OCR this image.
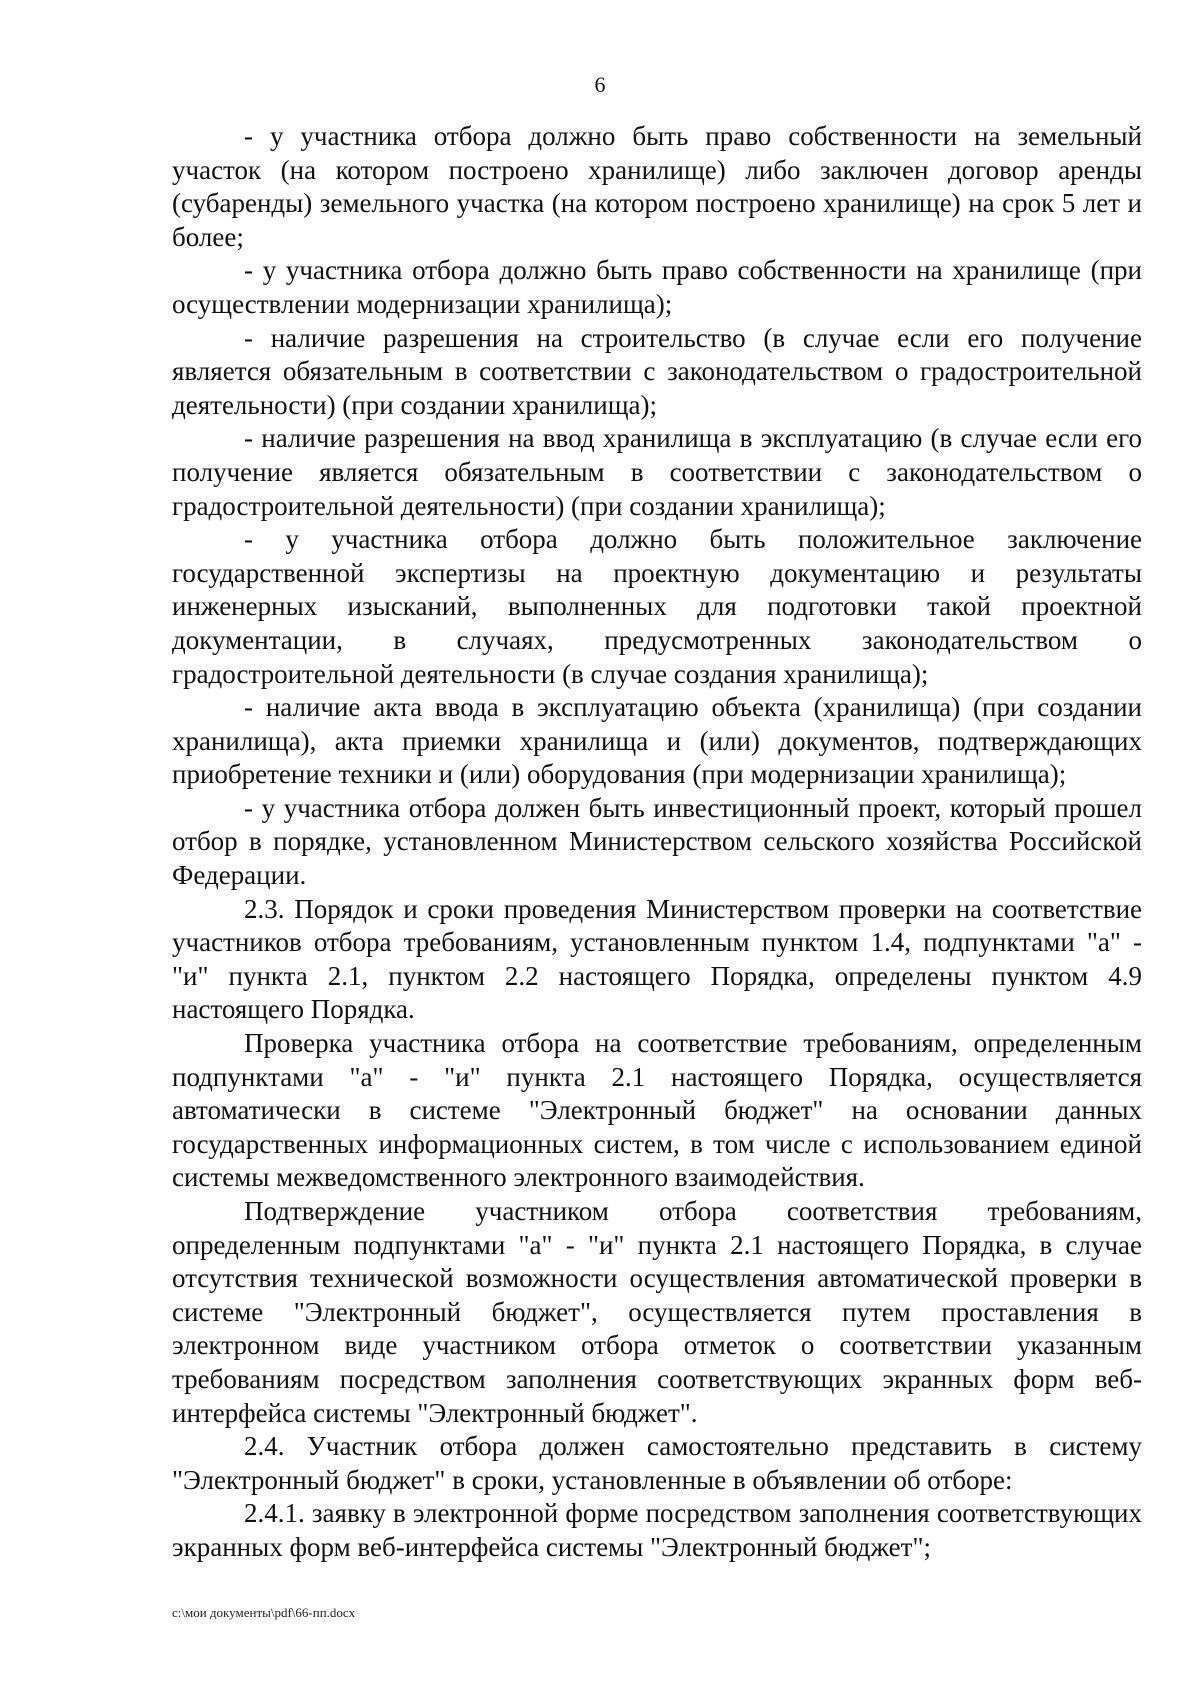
6

- у участника отбора должно быть право собственности на земельный участок (на котором построено хранилище) либо заключен договор аренды (субаренды) земельного участка (на котором построено хранилище) на срок 5 лет и более;

- у участника отбора должно быть право собственности на хранилище (при осуществлении модернизации хранилища);

- наличие разрешения на строительство (в случае если его получение является обязательным в соответствии с законодательством о градостроительной деятельности) (при создании хранилища);

- наличие разрешения на ввод хранилища в эксплуатацию (в случае если его получение является обязательным в соответствии с законодательством о градостроительной деятельности) (при создании хранилища);

- у участника отбора должно быть положительное заключение государственной экспертизы на проектную документацию и результаты инженерных изысканий, выполненных для подготовки такой проектной документации, в случаях, предусмотренных законодательством о градостроительной деятельности (в случае создания хранилища);

- наличие акта ввода в эксплуатацию объекта (хранилища) (при создании хранилища), акта приемки хранилища и (или) документов, подтверждающих приобретение техники и (или) оборудования (при модернизации хранилища);

- у участника отбора должен быть инвестиционный проект, который прошел отбор в порядке, установленном Министерством сельского хозяйства Российской Федерации.

2.3. Порядок и сроки проведения Министерством проверки на соответствие участников отбора требованиям, установленным пунктом 1.4, подпунктами "а" - "и" пункта 2.1, пунктом 2.2 настоящего Порядка, определены пунктом 4.9 настоящего Порядка.

Проверка участника отбора на соответствие требованиям, определенным подпунктами "а" - "и" пункта 2.1 настоящего Порядка, осуществляется автоматически в системе "Электронный бюджет" на основании данных государственных информационных систем, в том числе с использованием единой системы межведомственного электронного взаимодействия.

Подтверждение участником отбора соответствия требованиям, определенным подпунктами "а" - "и" пункта 2.1 настоящего Порядка, в случае отсутствия технической возможности осуществления автоматической проверки в системе "Электронный бюджет", осуществляется путем проставления в электронном виде участником отбора отметок о соответствии указанным требованиям посредством заполнения соответствующих экранных форм веб-интерфейса системы "Электронный бюджет".

2.4. Участник отбора должен самостоятельно представить в систему "Электронный бюджет" в сроки, установленные в объявлении об отборе:

2.4.1. заявку в электронной форме посредством заполнения соответствующих экранных форм веб-интерфейса системы "Электронный бюджет";

c:\мои документы\pdf\66-пп.docx
